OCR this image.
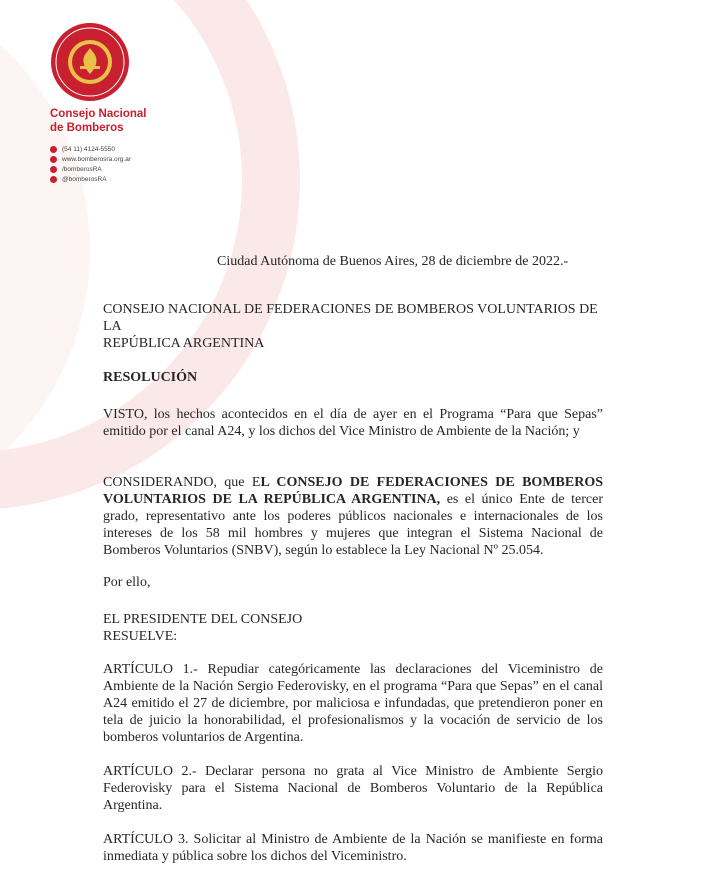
Consejo Nacional
de Bomberos
(54 11) 4124-5550
www.bomberosra.org.ar
/bomberosRA
@bomberosRA
Ciudad Autónoma de Buenos Aires, 28 de diciembre de 2022.-
CONSEJO NACIONAL DE FEDERACIONES DE BOMBEROS VOLUNTARIOS DE LA
REPÚBLICA ARGENTINA
RESOLUCIÓN
VISTO, los hechos acontecidos en el día de ayer en el Programa “Para que Sepas” emitido por el canal A24, y los dichos del Vice Ministro de Ambiente de la Nación; y
CONSIDERANDO, que EL CONSEJO DE FEDERACIONES DE BOMBEROS VOLUNTARIOS DE LA REPÚBLICA ARGENTINA, es el único Ente de tercer grado, representativo ante los poderes públicos nacionales e internacionales de los intereses de los 58 mil hombres y mujeres que integran el Sistema Nacional de Bomberos Voluntarios (SNBV), según lo establece la Ley Nacional Nº 25.054.
Por ello,
EL PRESIDENTE DEL CONSEJO
RESUELVE:
ARTÍCULO 1.- Repudiar categóricamente las declaraciones del Viceministro de Ambiente de la Nación Sergio Federovisky, en el programa “Para que Sepas” en el canal A24 emitido el 27 de diciembre, por maliciosa e infundadas, que pretendieron poner en tela de juicio la honorabilidad, el profesionalismos y la vocación de servicio de los bomberos voluntarios de Argentina.
ARTÍCULO 2.- Declarar persona no grata al Vice Ministro de Ambiente Sergio Federovisky para el Sistema Nacional de Bomberos Voluntario de la República Argentina.
ARTÍCULO 3. Solicitar al Ministro de Ambiente de la Nación se manifieste en forma inmediata y pública sobre los dichos del Viceministro.
